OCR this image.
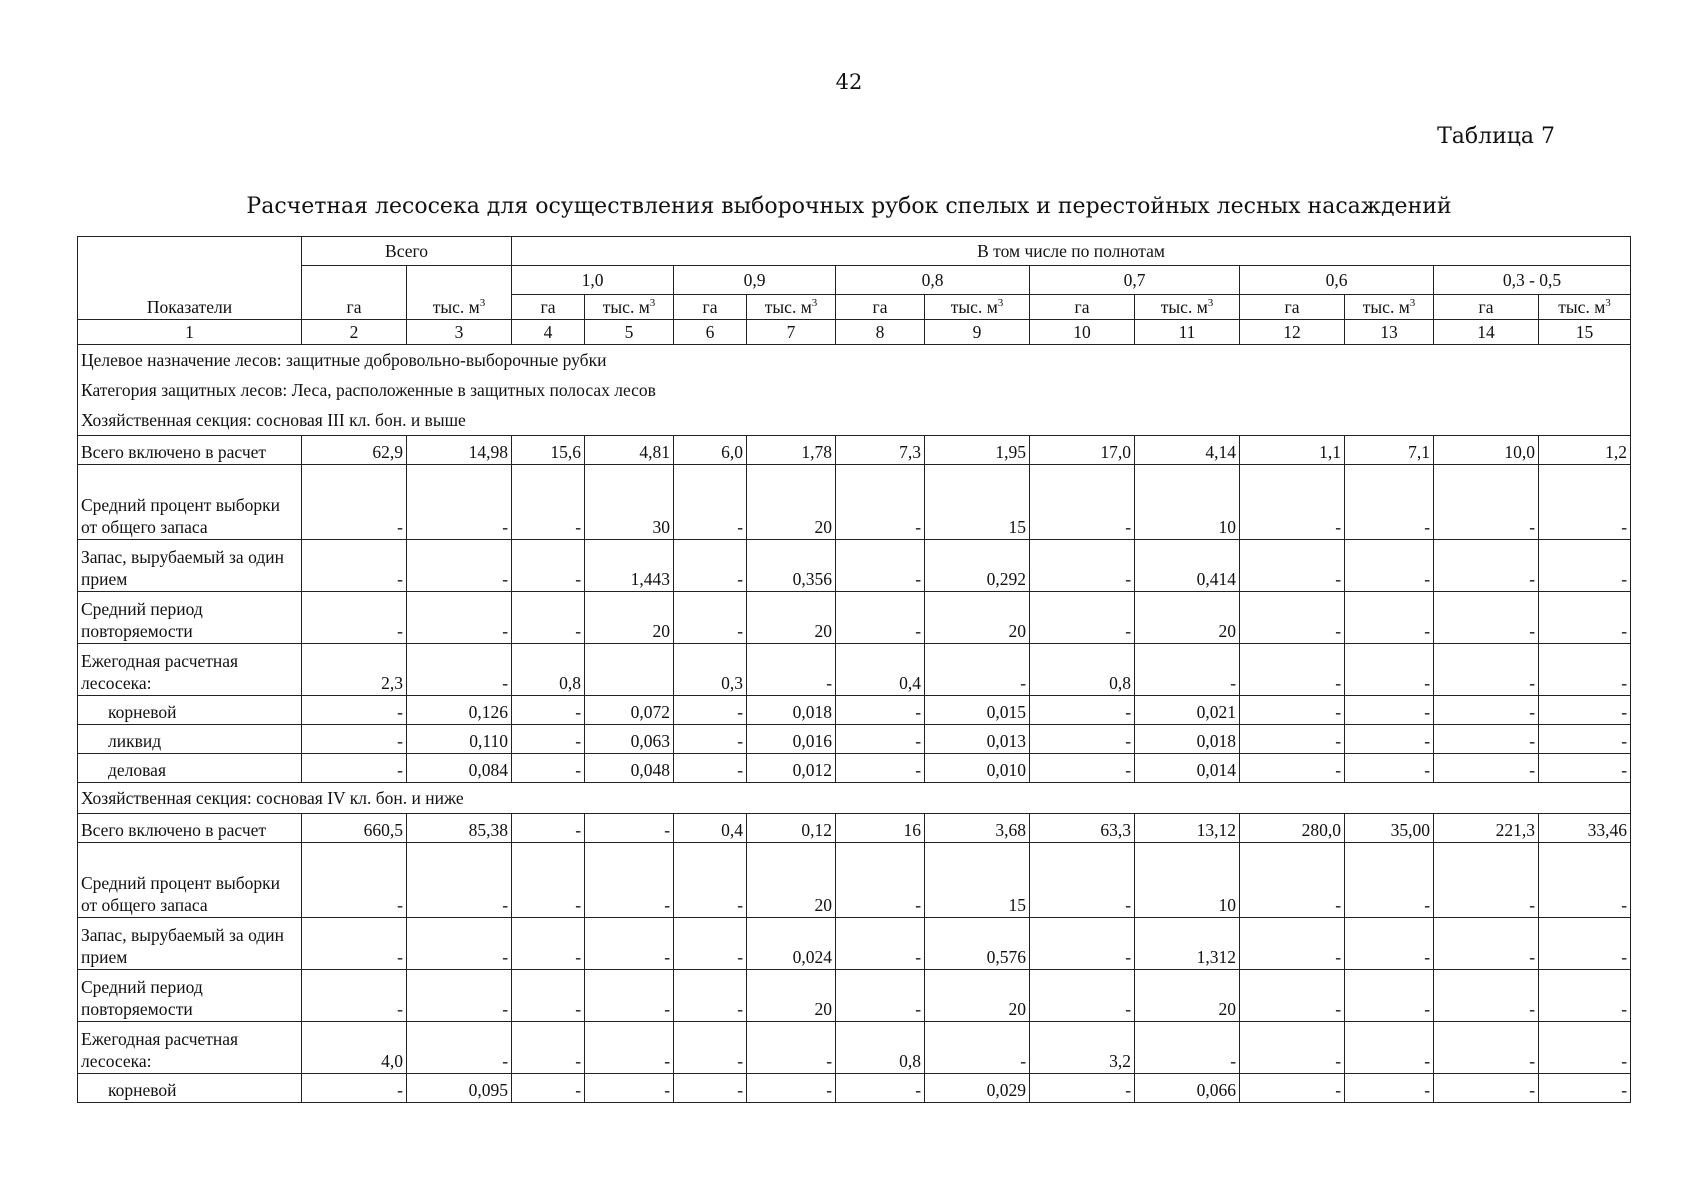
42
Таблица 7
Расчетная лесосека для осуществления выборочных рубок спелых и перестойных лесных насаждений
Показатели	Всего		В том числе по полнотам											
	га	тыс. $м^3$	1,0		0,9		0,8		0,7		0,6		0,3 - 0,5	
			га	тыс. $м^3$	га	тыс. $м^3$	га	тыс. $м^3$	га	тыс. $м^3$	га	тыс. $м^3$	га	тыс. $м^3$
1	2	3	4	5	6	7	8	9	10	11	12	13	14	15
Целевое назначение лесов: защитные добровольно-выборочные рубки														
Категория защитных лесов: Леса, расположенные в защитных полосах лесов														
Хозяйственная секция: сосновая III кл. бон. и выше														
Всего включено в расчет	62,9	14,98	15,6	4,81	6,0	1,78	7,3	1,95	17,0	4,14	1,1	7,1	10,0	1,2
Средний процент выборки от общего запаса	-	-	-	30	-	20	-	15	-	10	-	-	-	-
Запас, вырубаемый за один прием	-	-	-	1,443	-	0,356	-	0,292	-	0,414	-	-	-	-
Средний период повторяемости	-	-	-	20	-	20	-	20	-	20	-	-	-	-
Ежегодная расчетная лесосека:	2,3	-	0,8		0,3	-	0,4	-	0,8	-	-	-	-	-
корневой	-	0,126	-	0,072	-	0,018	-	0,015	-	0,021	-	-	-	-
ликвид	-	0,110	-	0,063	-	0,016	-	0,013	-	0,018	-	-	-	-
деловая	-	0,084	-	0,048	-	0,012	-	0,010	-	0,014	-	-	-	-
Хозяйственная секция: сосновая IV кл. бон. и ниже														
Всего включено в расчет	660,5	85,38	-	-	0,4	0,12	16	3,68	63,3	13,12	280,0	35,00	221,3	33,46
Средний процент выборки от общего запаса	-	-	-	-	-	20	-	15	-	10	-	-	-	-
Запас, вырубаемый за один прием	-	-	-	-	-	0,024	-	0,576	-	1,312	-	-	-	-
Средний период повторяемости	-	-	-	-	-	20	-	20	-	20	-	-	-	-
Ежегодная расчетная лесосека:	4,0	-	-	-	-	-	0,8	-	3,2	-	-	-	-	-
корневой	-	0,095	-	-	-	-	-	0,029	-	0,066	-	-	-	-
